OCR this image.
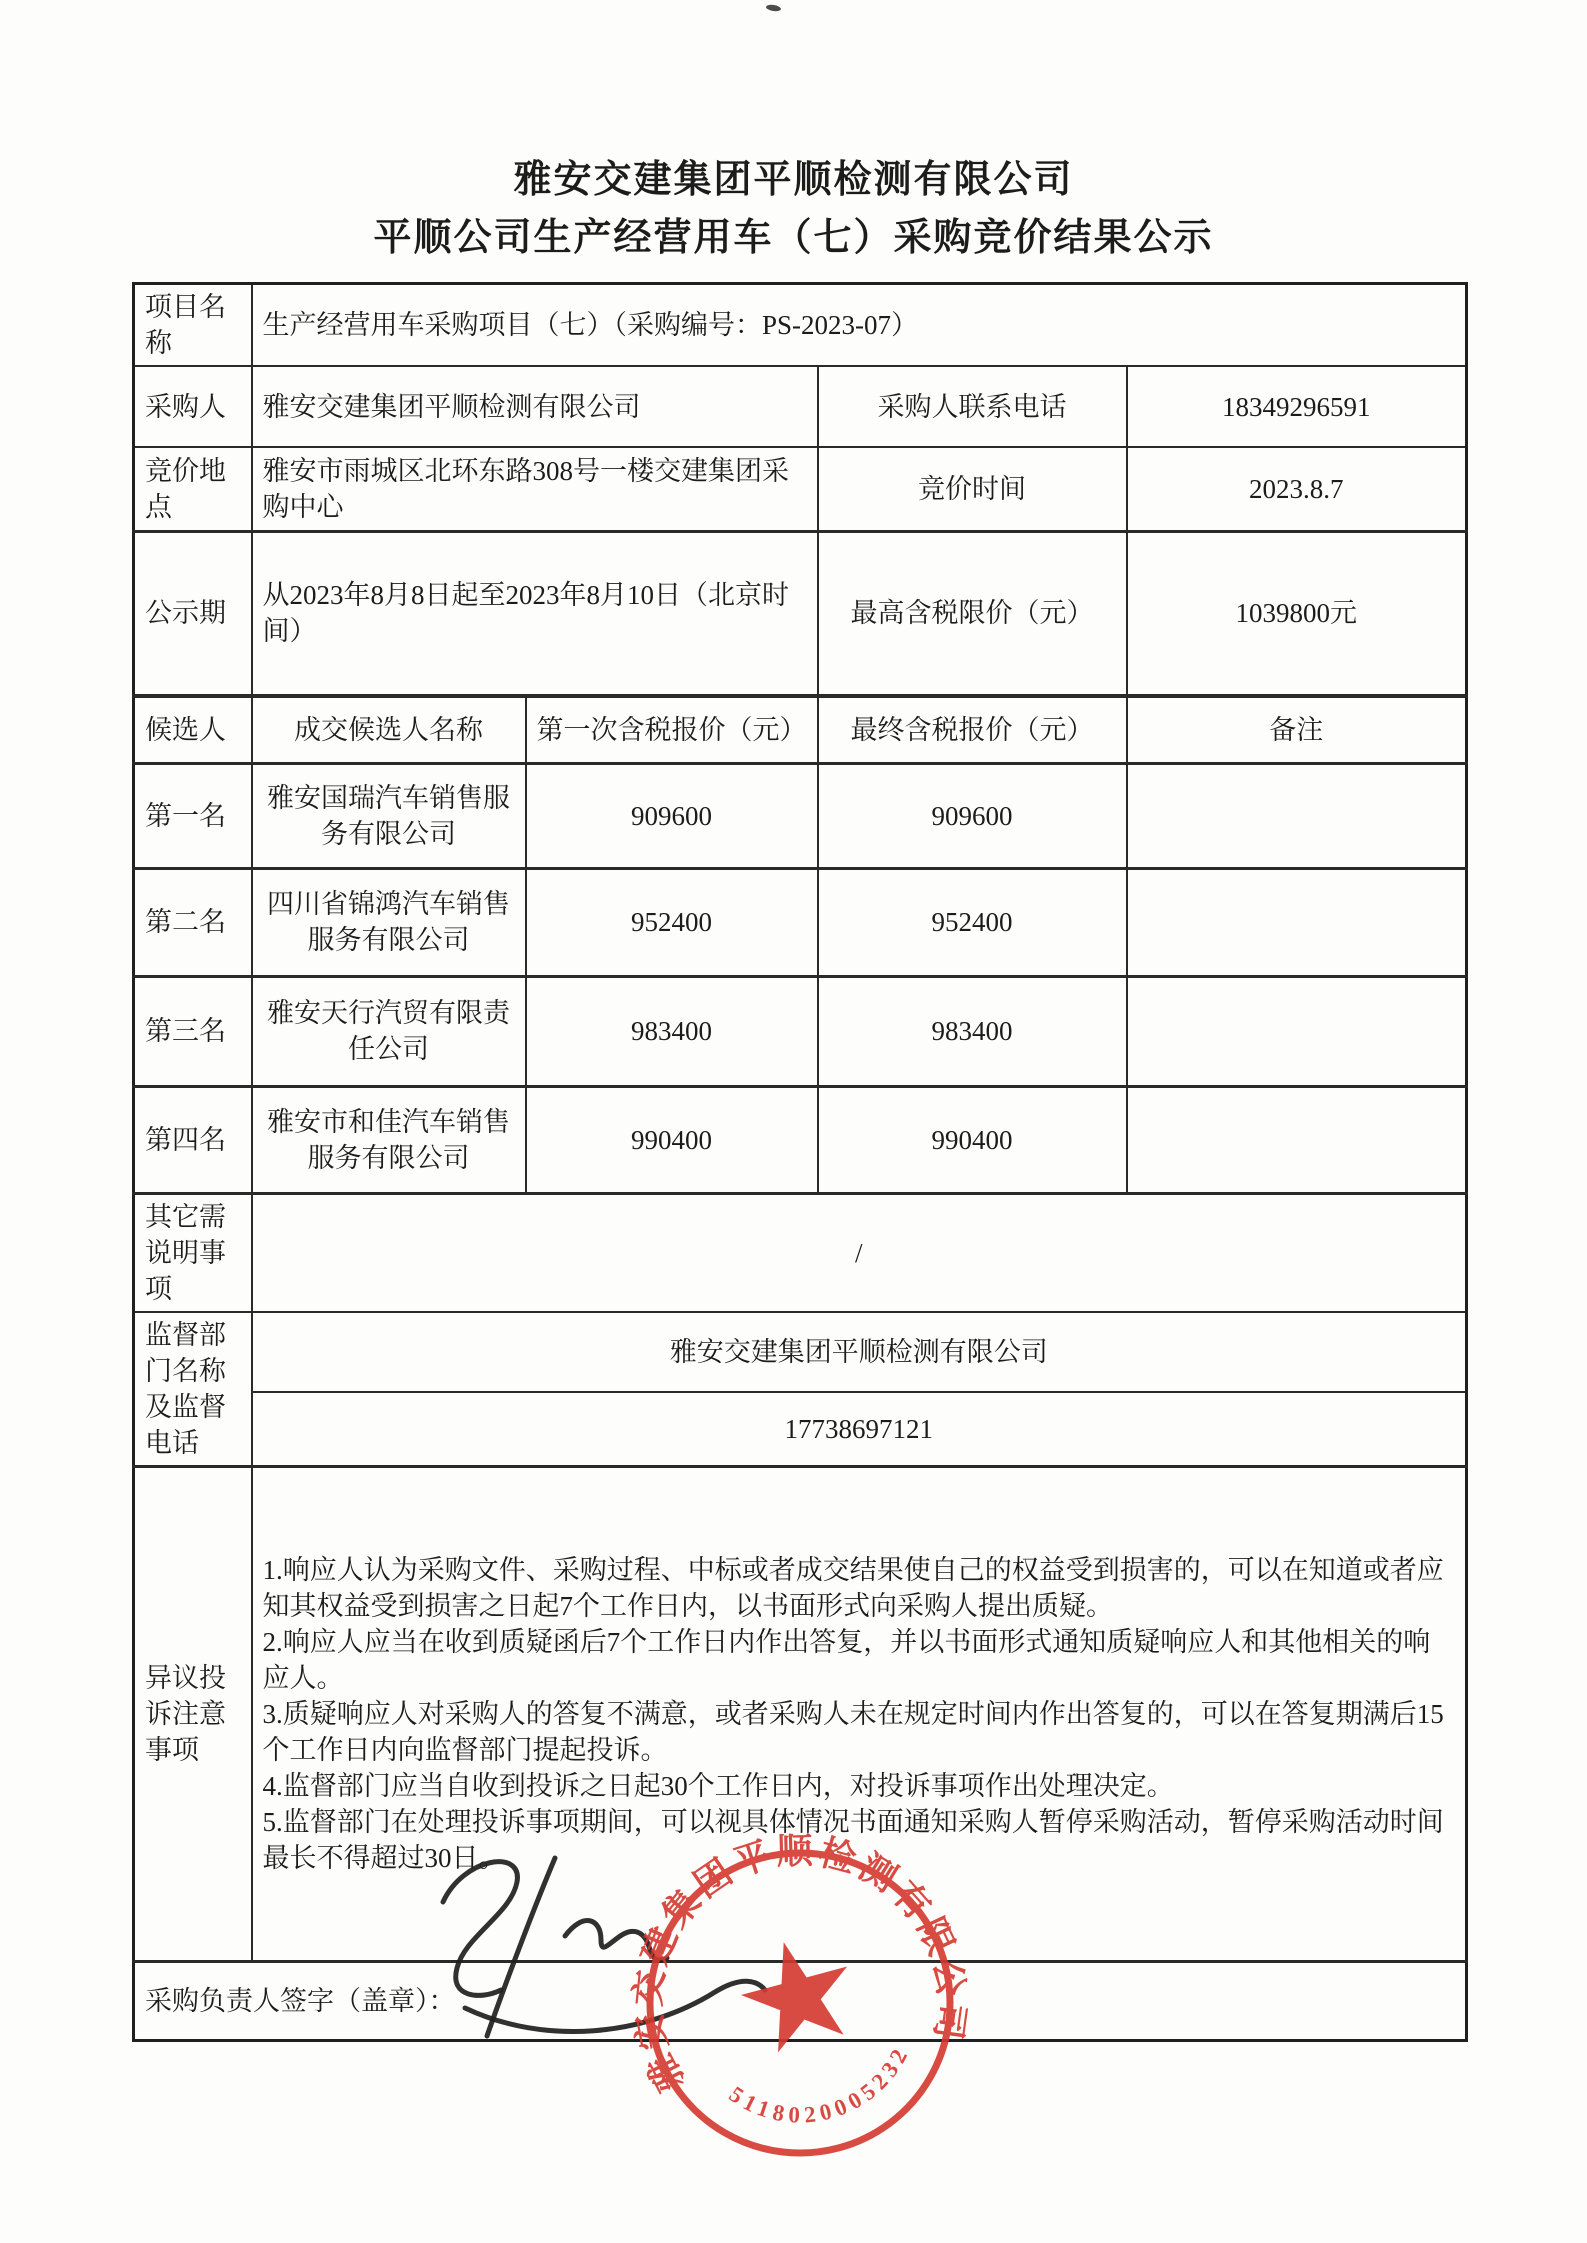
雅安交建集团平顺检测有限公司
平顺公司生产经营用车（七）采购竞价结果公示
项目名称	生产经营用车采购项目（七）（采购编号：PS-2023-07）			
采购人	雅安交建集团平顺检测有限公司		采购人联系电话	18349296591
竞价地点	雅安市雨城区北环东路308号一楼交建集团采购中心		竞价时间	2023.8.7
公示期	从2023年8月8日起至2023年8月10日（北京时间）		最高含税限价（元）	1039800元
候选人	成交候选人名称	第一次含税报价（元）	最终含税报价（元）	备注
第一名	雅安国瑞汽车销售服务有限公司	909600	909600	
第二名	四川省锦鸿汽车销售服务有限公司	952400	952400	
第三名	雅安天行汽贸有限责任公司	983400	983400	
第四名	雅安市和佳汽车销售服务有限公司	990400	990400	
其它需说明事项	/			
监督部门名称及监督电话	雅安交建集团平顺检测有限公司			
	17738697121			
异议投诉注意事项	1.响应人认为采购文件、采购过程、中标或者成交结果使自己的权益受到损害的，可以在知道或者应知其权益受到损害之日起7个工作日内，以书面形式向采购人提出质疑。
2.响应人应当在收到质疑函后7个工作日内作出答复，并以书面形式通知质疑响应人和其他相关的响应人。
3.质疑响应人对采购人的答复不满意，或者采购人未在规定时间内作出答复的，可以在答复期满后15个工作日内向监督部门提起投诉。
4.监督部门应当自收到投诉之日起30个工作日内，对投诉事项作出处理决定。
5.监督部门在处理投诉事项期间，可以视具体情况书面通知采购人暂停采购活动，暂停采购活动时间最长不得超过30日。			

采购负责人签字（盖章）：				
雅安交建集团平顺检测有限公司
5118020005232
